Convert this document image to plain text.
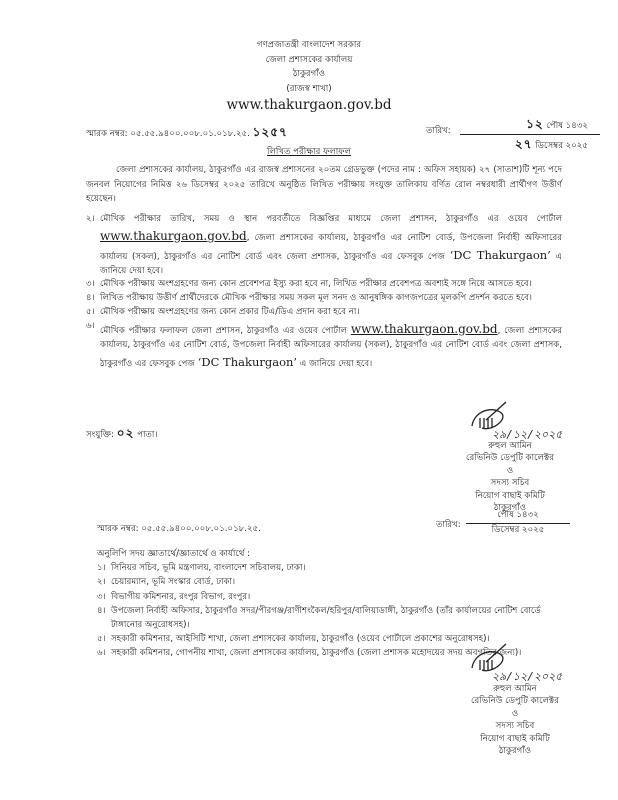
গণপ্রজাতন্ত্রী বাংলাদেশ সরকার
জেলা প্রশাসকের কার্যালয়
ঠাকুরগাঁও
(রাজস্ব শাখা)
www.thakurgaon.gov.bd
স্মারক নম্বর: ০৫.৫৫.৯৪০০.০০৮.০১.০১৮.২৫. ১২৫৭	তারিখ:	১২ পৌষ ১৪৩২
২৭ ডিসেম্বর ২০২৫
লিখিত পরীক্ষার ফলাফল
জেলা প্রশাসকের কার্যালয়, ঠাকুরগাঁও এর রাজস্ব প্রশাসনের ২০তম গ্রেডভুক্ত (পদের নাম : অফিস সহায়ক) ২৭ (সাতাশ)টি শূন্য পদে জনবল নিয়োগের নিমিত্ত ২৬ ডিসেম্বর ২০২৫ তারিখে অনুষ্ঠিত লিখিত পরীক্ষায় সংযুক্ত তালিকায় বর্ণিত রোল নম্বরধারী প্রার্থীগণ উত্তীর্ণ হয়েছেন।

২। মৌখিক পরীক্ষার তারিখ, সময় ও স্থান পরবর্তীতে বিজ্ঞপ্তির মাধ্যমে জেলা প্রশাসন, ঠাকুরগাঁও এর ওয়েব পোর্টাল www.thakurgaon.gov.bd, জেলা প্রশাসকের কার্যালয়, ঠাকুরগাঁও এর নোটিশ বোর্ড, উপজেলা নির্বাহী অফিসারের কার্যালয় (সকল), ঠাকুরগাঁও এর নোটিশ বোর্ড এবং জেলা প্রশাসক, ঠাকুরগাঁও এর ফেসবুক পেজ ‘DC Thakurgaon’ এ জানিয়ে দেয়া হবে।

৩। মৌখিক পরীক্ষায় অংশগ্রহণের জন্য কোন প্রবেশপত্র ইস্যু করা হবে না, লিখিত পরীক্ষার প্রবেশপত্র অবশ্যই সঙ্গে নিয়ে আসতে হবে।

৪। লিখিত পরীক্ষায় উত্তীর্ণ প্রার্থীদেরকে মৌখিক পরীক্ষার সময় সকল মূল সনদ ও আনুষঙ্গিক কাগজপত্রের মূলকপি প্রদর্শন করতে হবে।

৫। মৌখিক পরীক্ষায় অংশগ্রহণের জন্য কোন প্রকার টিএ/ডিএ প্রদান করা হবে না।

৬। মৌখিক পরীক্ষার ফলাফল জেলা প্রশাসন, ঠাকুরগাঁও এর ওয়েব পোর্টাল www.thakurgaon.gov.bd, জেলা প্রশাসকের কার্যালয়, ঠাকুরগাঁও এর নোটিশ বোর্ড, উপজেলা নির্বাহী অফিসারের কার্যালয় (সকল), ঠাকুরগাঁও এর নোটিশ বোর্ড এবং জেলা প্রশাসক, ঠাকুরগাঁও এর ফেসবুক পেজ ‘DC Thakurgaon’ এ জানিয়ে দেয়া হবে।

সংযুক্তি: ০২ পাতা।	২৯/১২/২০২৫
রুহুল আমিন
রেভিনিউ ডেপুটি কালেক্টর
ও
সদস্য সচিব
নিয়োগ বাছাই কমিটি
ঠাকুরগাঁও
স্মারক নম্বর: ০৫.৫৫.৯৪০০.০০৮.০১.০১৮.২৫.	তারিখ:
পৌষ ১৪৩২
ডিসেম্বর ২০২৫
অনুলিপি সদয় জ্ঞাতার্থে/জ্ঞাতার্থে ও কার্যার্থে :

১। সিনিয়র সচিব, ভূমি মন্ত্রণালয়, বাংলাদেশ সচিবালয়, ঢাকা।

২। চেয়ারম্যান, ভূমি সংস্কার বোর্ড, ঢাকা।

৩। বিভাগীয় কমিশনার, রংপুর বিভাগ, রংপুর।

৪। উপজেলা নির্বাহী অফিসার, ঠাকুরগাঁও সদর/পীরগঞ্জ/রাণীশংকৈল/হরিপুর/বালিয়াডাঙ্গী, ঠাকুরগাঁও (তাঁর কার্যালয়ের নোটিশ বোর্ডে টাঙ্গানোর অনুরোধসহ)।

৫। সহকারী কমিশনার, আইসিটি শাখা, জেলা প্রশাসকের কার্যালয়, ঠাকুরগাঁও (ওয়েব পোর্টালে প্রকাশের অনুরোধসহ)।

৬। সহকারী কমিশনার, গোপনীয় শাখা, জেলা প্রশাসকের কার্যালয়, ঠাকুরগাঁও (জেলা প্রশাসক মহোদয়ের সদয় অবগতির জন্য)।

২৯/১২/২০২৫
রুহুল আমিন
রেভিনিউ ডেপুটি কালেক্টর
ও
সদস্য সচিব
নিয়োগ বাছাই কমিটি
ঠাকুরগাঁও
